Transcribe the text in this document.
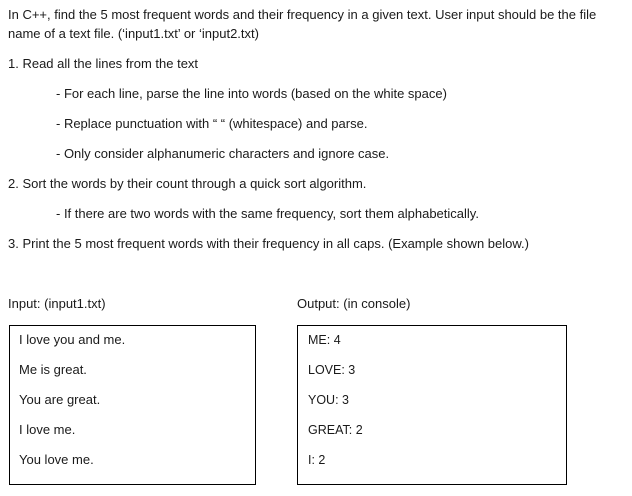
In C++, find the 5 most frequent words and their frequency in a given text. User input should be the file
name of a text file. (‘input1.txt’ or ‘input2.txt)
1. Read all the lines from the text
- For each line, parse the line into words (based on the white space)
- Replace punctuation with “ “ (whitespace) and parse.
- Only consider alphanumeric characters and ignore case.
2. Sort the words by their count through a quick sort algorithm.
- If there are two words with the same frequency, sort them alphabetically.
3. Print the 5 most frequent words with their frequency in all caps. (Example shown below.)
Input: (input1.txt)	Output: (in console)
I love you and me.
Me is great.
You are great.
I love me.
You love me.
ME: 4
LOVE: 3
YOU: 3
GREAT: 2
I: 2
